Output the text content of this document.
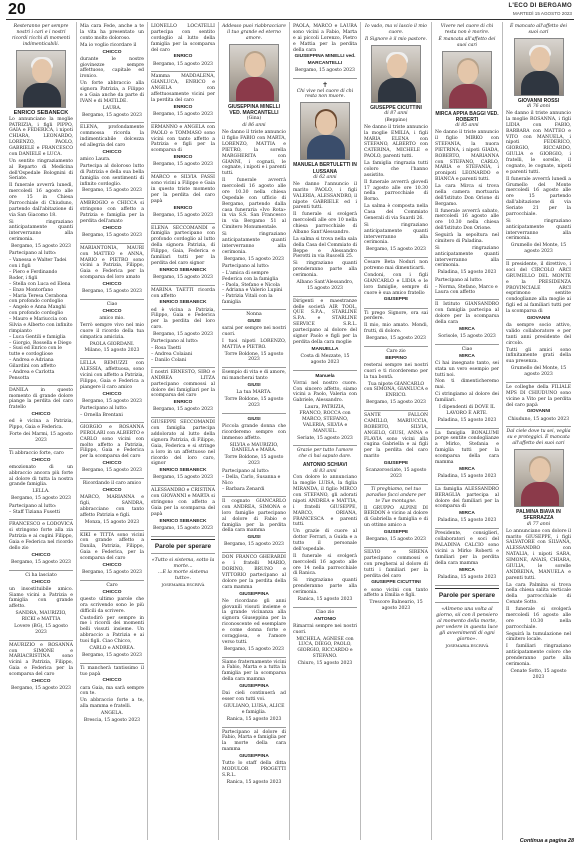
20	L'ECO DI BERGAMO
MARTEDÌ 15 AGOSTO 2023

Resteranno per sempre nostri i cari e i nostri ricordi ricchi di momenti indimenticabili.

ENRICO SEBANECK

Lo annunciano la moglie PATRIZIA, i figli PIPPO, GAIA e FEDERICA, i nipoti CHIARA, LEONARDO, LORENZO, PAOLO, GABRIELE e FRANCESCO con DANIELE e LUCA.

Un sentito ringraziamento al Reparto di Medicina dell'Ospedale Bolognini di Seriate.

Il funerale avverrà lunedì, mercoledì 16 agosto alle ore 15 in Chiesa Parrocchiale di Chiuduno, partendo dall'abitazione di via San Giacomo 18.

Si ringraziano anticipatamente quanti interverranno alla cerimonia.

Bergamo, 15 agosto 2023

Partecipano al lutto:

– Vanessa e Walter Tadei con i figli

– Piero e Ferdinando Roder, i figli

– Stella con Luca ed Elena

– Enzo Montorfano

– Maria Teresa Cerabona con profondo cordoglio

– Angelo e Anna Manghi con profondo cordoglio

– Mauro e Mariuccia con Silvia e Alberto con infinito rimpianto

– Luca Gentili e famiglia

– Giorgio, Rossella e Diego

– Susi ed Enrico con le tutte e cordogliose

– Andrea e Adriana Gilardini con affetto

– Andrea e Carlotta Pensotta

DANILA in questo momento di grande dolore piange la perdita del caro fratello

CHICCO

ed è vicina a Patrizia, Pippo, Gaia e Federica.

Forte dei Marmi, 15 agosto 2023

Ti abbraccio forte, caro

CHICCO

emozionato di un abbraccio ancora più forte al dolore di tutta la nostra grande famiglia.

LELLA.

Bergamo, 15 agosto 2023

Partecipano al lutto:

– Staff Tiziana Fusetti

FRANCESCO e LODOVICA si stringono forte alla zia Patrizia e ai cugini Filippo, Gaia e Federica nel ricordo dello zio

CHICCO

Bergamo, 15 agosto 2023

Ci ha lasciato

CHICCO

un insostituibile amico. Siamo vicini a Patrizia e famiglia con grande affetto.

SANDRA, MAURIZIO, RICKI e MATTIA

Lovere (BG), 15 agosto 2023

MAURIZIO e ROSANNA con SIMONE e MARIACRISTINA sono vicini a Patrizia, Filippo, Gaia e Federica per la scomparsa del caro

CHICCO

Bergamo, 15 agosto 2023

Mia cara Fede, anche a te la vita ha presentato un conto molto doloroso.

Ma io voglio ricordare il

CHICCO

durante le nostre giovinezze sempre affettuoso, capitale ed ironico.

Un forte abbraccio alla signora Patrizia, a Filippo e a Gaia anche da parte di IVAN e di MATILDE.

LAURA.

Bergamo, 15 agosto 2023

ELENA, profondamente commossa ricorda la indimenticabile dolcezza ed allegria del caro

CHICCO

amico Laura.

Partecipa al doloroso lutto di Patrizia e della sua bella famiglia con sentimenti di infinito cordoglio.

Bergamo, 15 agosto 2023

AMBROGIO e CHICCA si stringono con affetto a Patrizia e famiglia per la perdita dell'amato

CHICCO

Bergamo, 15 agosto 2023

MARIANTONIA, MAURI con MATTEO e ANNA, MARIO e PIETRO sono vicini a Patrizia, Filippo, Gaia e Federica per la scomparsa del loro amato

CHICCO

Bergamo, 15 agosto 2023

Ciao

CHICCO

amico mio.

Terrò sempre vivo nel mio cuore il ricordo della tua simpatica amicizia.

PAOLA GIORDANI.

Milano, 15 agosto 2023

LELLA REMUZZI con ALESSIA, affettuosa, sono vicini con affetto a Patrizia, Filippo, Gaia e Federica a piangere il caro amico

CHICCO

Bergamo, 15 agosto 2023

Partecipano al lutto:

– Ornella Brentani

GIORGIO e ROSANNA PEROLARI con ALBERTO e CARLO sono vicini con molto affetto a Patrizia, Filippo, Gaia e Federica per la scomparsa del caro

CHICCO

Bergamo, 15 agosto 2023

Ricordando il caro amico

CHICCO

MARCO, MARIANNA e figli, SANDRA, abbracciano con tanto affetto Patrizia e figli.

Monza, 15 agosto 2023

KIKI e TITTA sono vicini con grande affetto a Danila, Patrizia, Filippo, Gaia e Federica, per la scomparsa del caro

CHICCO

Bergamo, 15 agosto 2023

Caro

CHICCO

questo ultimo parole che ora scrivendo sono le più difficili da scrivere.

Custodirò per sempre in me i ricordi dei momenti belli vissuti insieme. Un abbraccio a Patrizia e ai tuoi figli. Ciao Chicco,

CARLO e ANDREA.

Bergamo, 15 agosto 2023

Ti mancherà tantissimo il tuo papà

CHICCO

cara Gaia, ma sarà sempre con te.

Un abbraccio forte a te, alla mamma e fratelli.

ANGELA.

Brescia, 15 agosto 2023

LIONELLO LOCATELLI partecipa con sentito cordoglio al lutto della famiglia per la scomparsa del caro

ENRICO

Bergamo, 15 agosto 2023

Mamma MADDALENA, GIANLUCA, ENRICO e ANGELA con affettuosamente vicini per la perdita del caro

ENRICO

Bergamo, 15 agosto 2023

ERMANNO e ANGELA con PAOLO e TOMMASO sono vicini con tanto affetto a Patrizia e figli per la scomparsa di

ENRICO

Bergamo, 15 agosto 2023

MARCO e SILVIA FASSI sono vicini a Filippo e Gaia in questo triste momento per la perdita del caro papà

ENRICO

Bergamo, 15 agosto 2023

ELENA SECCOMANDI e famiglia partecipano con profondo cordoglio al lutto della signora Patrizia, di Filippo, Gaia, Federica e familiari tutti per la perdita del caro signor

ENRICO SEBANECK

Bergamo, 15 agosto 2023

MARINA TAETTI ricorda con affetto

ENRICO SEBANECK

ed è vicina a Patrizia, Filippo, Gaia e Federica per la perdita del loro caro.

Bergamo, 15 agosto 2023

Partecipano al lutto:

– Rosa Taetti

– Andrea Colaiani

– Danilo Colani

I nostri ERNESTO, SIRO e ANDREA LITZA partecipano commossi al dolore dei famigliari per la scomparsa del caro

ENRICO

Bergamo, 15 agosto 2023

GIUSEPPE SECCOMANDI con famiglia partecipa addolorato al lutto della signora Patrizia, di Filippo, Gaia, Federica e si stringe a loro in un affettuoso nel ricordo del loro caro, signor

ENRICO SEBANECK

Bergamo, 15 agosto 2023

ALESSANDRO e CRISTINA con GIOVANNI e MARTA si stringono con affetto a Gaia per la scomparsa del papà

ENRICO SEBANECK

Bergamo, 15 agosto 2023

Parole per sperare

«Tutto si sistema, sotto la morte...

...E la morte sistema tutto».

JOSEMARIA ESCRIVÀ

Addesso puoi riabbracciare il tuo grande ed eterno amore.

GIUSEPPINA MINELLI VED. MARCANTELLI

(Gina)

di 86 anni

Ne danno il triste annuncio il figlio FABIO con MARTA, LORENZO, MATTIA e PIETRO, la sorella MARGHERITA con GIANNI, i cognati, le cognate, i nipoti e i parenti tutti.

Il funerale avverrà mercoledì 16 agosto alle ore 10.30 nella chiesa Ospedale con ufficio di Bergamo, partendo dalla casa funeraria «Ivo Rota» in via S.S. San Francesco in via Bergamo 51 al Cimitero Monumentale.

Si ringraziano anticipatamente quanti interverranno alla cerimonia.

Bergamo, 15 agosto 2023

Partecipano al lutto:

– L'amica di sempre Federica con la famiglia

– Paola, Stefano e Nicola

– Adriana e Valerio Lupini

– Patrizia Vitali con la famiglia

Nonna

GIUSI

sarai per sempre nei nostri cuori.

I tuoi nipoti LORENZO, MATTIA e PIETRO.

Torre Boldone, 15 agosto 2023

Esempio di vita e di amore, mi mancherai tanto

GIUSI

La tua MARTA.

Torre Boldone, 15 agosto 2023

GIUSI

Piccola grande donna che ricorderemo sempre con immenso affetto.

SILVIA e MAURIZIO, DANIELA e MARA.

Torre Boldone, 15 agosto 2023

Partecipano al lutto:

– Della, Carlo, Susanna e Nico

– Barbara Zenardi

Il cognato GIANCARLO con ANDREA, SIMONA e loro famiglie partecipano al dolore di Fabio e famiglia per la perdita della cara mamma

GIUSI

Bergamo, 15 agosto 2023

DON FRANCO GHERARDI e i fratelli MARIO, DORINO, BRUNO e VITTORIO partecipano al dolore per la perdita della cara mamma

GIUSEPPINA

Ne ricordano gli anni giovanili vissuti insieme e la grande vicinanza alla signora Giuseppina per la riconoscente ed esemplare e come donna forte e coraggiosa, e l'amore verso tutti.

Bergamo, 15 agosto 2023

Siamo fraternamente vicini a Fabio, Marta e a tutta la famiglia per la scomparsa della cara mamma

GIUSEPPINA

Dai cieli continuerà ad esser con tutti voi.

GIULIANO, LUISA, ALICE e famiglia.

Ranica, 15 agosto 2023

Partecipano al dolore di Fabio, Marta e famiglia per la morte della cara mamma

GIUSEPPINA

Tutto lo staff della ditta MODULOR PROGETTI S.R.L.

Ranica, 15 agosto 2023

PAOLA, MARCO e LAURA sono vicini a Fabio, Marta e ai piccoli Lorenzo, Pietro e Mattia per la perdita della cara

GIUSEPPINA MINELLI ved. MARCANTELLI

Bergamo, 15 agosto 2023

✝

Chi vive nel cuore di chi resta non muore.

MANUELA BERTULETTI IN LUSSANA

di 62 anni

Ne danno l'annuncio il marito PAOLO, i figli VALERIA, ALESSANDRO, il nipote GABRIELE ed i parenti tutti.

Il funerale si svolgerà mercoledì alle ore 10 nella chiesa parrocchiale di Albano Sant'Alessandro.

La salma si trova nella sala della Casa del Commiato di Beppe e Alessandro Pierotti in via Ruscelli 25.

Si ringraziano quanti prenderanno parte alla cerimonia.

Albano Sant'Alessandro, 15 agosto 2023

Dirigenti e maestranze delle società AIR TOOL, QUE S.P.A., STARLINE S.P.A. e STARLINE SERVICE S.R.L. partecipano al dolore del signor Paolo e figli per la perdita della cara moglie

MANUELLA

Costa di Mezzate, 15 agosto 2023

Manuela

Vivrai nel nostro cuore. Con sincero affetto, siamo vicini a Paolo, Valeria con Gabriele, Alessandro.

Laura, PATRIZIA, FRANCO, ROCCA con MARCO, STEFANO, VALERIA, SILVIA e MANUEL.

Seriate, 15 agosto 2023

Grazie per tutto l'amore che ci hai saputo dare.

ANTONIO SCHIAVI

di 83 anni

Con dolore lo annunciano la moglie LUISA, la figlia MIRANDA, il figlio MIRCO con STEFANO, gli adorati nipoti ANDREA e MATTIA, i fratelli GIUSEPPE, MARCO, ORIANA, FRANCESCA e parenti tutti.

Un grazie di cuore al dottor Ferrari, a Guida e a tutto il personale dell'ospedale.

Il funerale si svolgerà mercoledì 16 agosto alle ore 14 nella parrocchiale di Ranica.

Si ringraziano quanti prenderanno parte alla cerimonia.

Ranica, 15 agosto 2023

Ciao zio

ANTONIO

Rimarrai sempre nei nostri cuori.

MICHELA, AGNESE con LUCA, DIEGO, PAOLO, GIORGIO, RICCARDO e STEFANO.

Chiuro, 15 agosto 2023

Io vado, ma vi lascio il mio cuore.

Il Signore è il mio pastore.

GIUSEPPE CICUTTINI

di 87 anni

(Beppino)

Ne danno il triste annuncio la moglie EMILIA, i figli MARIA ELENA con STEFANO, ALBERTO con CATERINA, MICHELE e PAOLO, parenti tutti.

La famiglia ringrazia tutti coloro che l'hanno assistito.

Il funerale avverrà giovedì 17 agosto alle ore 10.30 nella parrocchiale di Borno.

La salma è composta nella Casa del Commiato Generali di via Suardi 26.

Si ringraziano anticipatamente quanti interverranno alla cerimonia.

Bergamo, 15 agosto 2023

Cesare Beta Noduri non potremo mai dimenticarti.

Condoni, con i figli GIANCARLO e LIDIA e le loro famiglie, sempre di cuore è sua amico fratello

GIUSEPPE

Ti prego Signore, ora sai perdere.

Il mio, mio amato. Mondi, frutti, di dolore.

Bergamo, 15 agosto 2023

Caro zio

BEPPINO

resterai sempre nei nostri cuori e ti ricorderemo per la tua bontà.

Tua nipote GIANCARLO con SIMONA, GIANLUCA e ENRICO.

Bergamo, 15 agosto 2023

SANTE FALLON CAMILLO, MARIUCCIA, ROBERTO, SILVIA, ANGELO, GIUSI, ANNA e FLAVIA sono vicini alla cugina Gabriella e ai figli per la perdita del caro marito

GIUSEPPE

Scanzorosciate, 15 agosto 2023

Ti preghiamo, nel tuo paradiso facci andare per te Tue montagne.

Il GRUPPO ALPINI DI BERDON è vicino al dolore di Gabriella e famiglia e di un ottimo amico a

GIUSEPPE

Bergamo, 15 agosto 2023

SILVIO e SIRENA partecipano commossi e con pregherai al dolore di tutti i familiari per la perdita del caro

GIUSEPPE CICUTTINI

e sono vicini con tanto affetto a Emilia e figli.

Trescore Balneario, 15 agosto 2023

Vivere nel cuore di chi resta non è morire.

È mancata all'affetto dei suoi cari

MIRCA APPIA BAGGI VED. ROBERTI

di 85 anni

Ne danno il triste annuncio il figlio MIRKO con STEFANIA, la nuora PIETRINA, i nipoti GIADA, ROBERTO, MARIANNA con STEFANO, CARLO, MARIA e STEFANIA, i pronipoti LEONARDO e BIANCA e parenti tutti.

La cara Mirca si trova nella camera mortuaria dell'Istituto Don Orione di Bergamo.

Il funerale avverrà sabato, mercoledì 16 agosto alle ore 10.30 nella chiesa dell'Istituto Don Orione.

Seguirà la sepoltura nel cimitero di Paladina.

Si ringraziano anticipatamente quanti interverranno alla cerimonia.

Paladina, 15 agosto 2023

Partecipano al lutto:

– Norma, Stefano, Marco e Laura con affetto

Il Istituto GIANSANDRO con famiglia partecipa al dolore per la scomparsa della cara

MIRCA

Sorisole, 15 agosto 2023

Ciao

MIRCA

Ci hai insegnato tanto, sei stata un vero esempio per tutti noi.

Non ti dimenticheremo mai.

Ci stringiamo al dolore dei familiari.

I dipendenti di DOVE IL LAVORO È ARTE.

Paladina, 15 agosto 2023

La famiglia BONALUMI porge sentite condoglianze a Mirko, Stefania e famiglia tutti per la scomparsa della cara mamma

MIRCA

Paladina, 15 agosto 2023

La famiglia ALESSANDRO BERAGLIA partecipa al dolore dei familiari per la scomparsa di

MIRCA

Paladina, 15 agosto 2023

Presidente, consiglieri, collaboratori e soci del PALADINA CALCIO sono vicini a Mirko Roberti e familiari per la perdita della cara mamma

MIRCA

Paladina, 15 agosto 2023

Parole per sperare

«Almeno una volta al giorno, sii con il pensiero al momento della morte, per vedere in questa luce gli avvenimenti di ogni giorno».

JOSEMARIA ESCRIVÀ

È mancato all'affetto dei suoi cari

GIOVANNI ROSSI

di 76 anni

Ne danno il triste annuncio la moglie ROSANNA, i figli LIDIA con FABIO, BARBARA con MATTEO e VITO con MANUELA, i nipoti FEDERICO, GIORGIO, RICCARDO, GIULIA e GIORGIO, i fratelli, le sorelle, il cognato, le cognate, nipoti e parenti tutti.

Il funerale avverrà lunedì a Grumello del Monte mercoledì 16 agosto alle ore 15 partendo dall'abitazione di via Seriate 21 per la parrocchiale.

Si ringraziano anticipatamente quanti interverranno alla cerimonia.

Grumello del Monte, 15 agosto 2023

Il presidente, il direttivo, i soci del CIRCOLO ARCI GRUMELLO DEL MONTE e la PRESIDENZA PROVINCIALE ARCI esprimono sentite condoglianze alla moglie ai figli ed ai familiari tutti per la scomparsa di

GIOVANNI

da sempre socio attivo, valido collaboratore e per tanti anni presidente del circolo.

Tutti gli amici sono infinitamente grati della sua presenza.

Grumello del Monte, 15 agosto 2023

Le colleghe della FILIALE MPS DI CHIUDUNO sono vicine a Vito per la perdita del caro papà

GIOVANNI

Chiuduno, 15 agosto 2023

Dal ciele dove tu sei, veglia su e proteggici. È mancata all'affetto dei suoi cari

PALMINA BIAVA IN SFERRAZZA

di 77 anni

Lo annunciano con dolore il marito GIUSEPPE, i figli SALVATORE con SILVANA, ALESSANDRO con NATALIA, i nipoti SARA, SIMONE, ANAIS, CHIARA, GIULIA, le sorelle ANDREINA, MANUELA e parenti tutti.

La cara Palmina si trova nella chiesa salita verticale della parrocchiale di Cenate Sotto.

Il funerale si svolgerà mercoledì 16 agosto alle ore 10.30 nella parrocchiale.

Seguirà la tumulazione nel cimitero locale.

I familiari ringraziano anticipatamente coloro che prenderanno parte alla cerimonia.

Cenate Sotto, 15 agosto 2023

Continua a pagina 28
